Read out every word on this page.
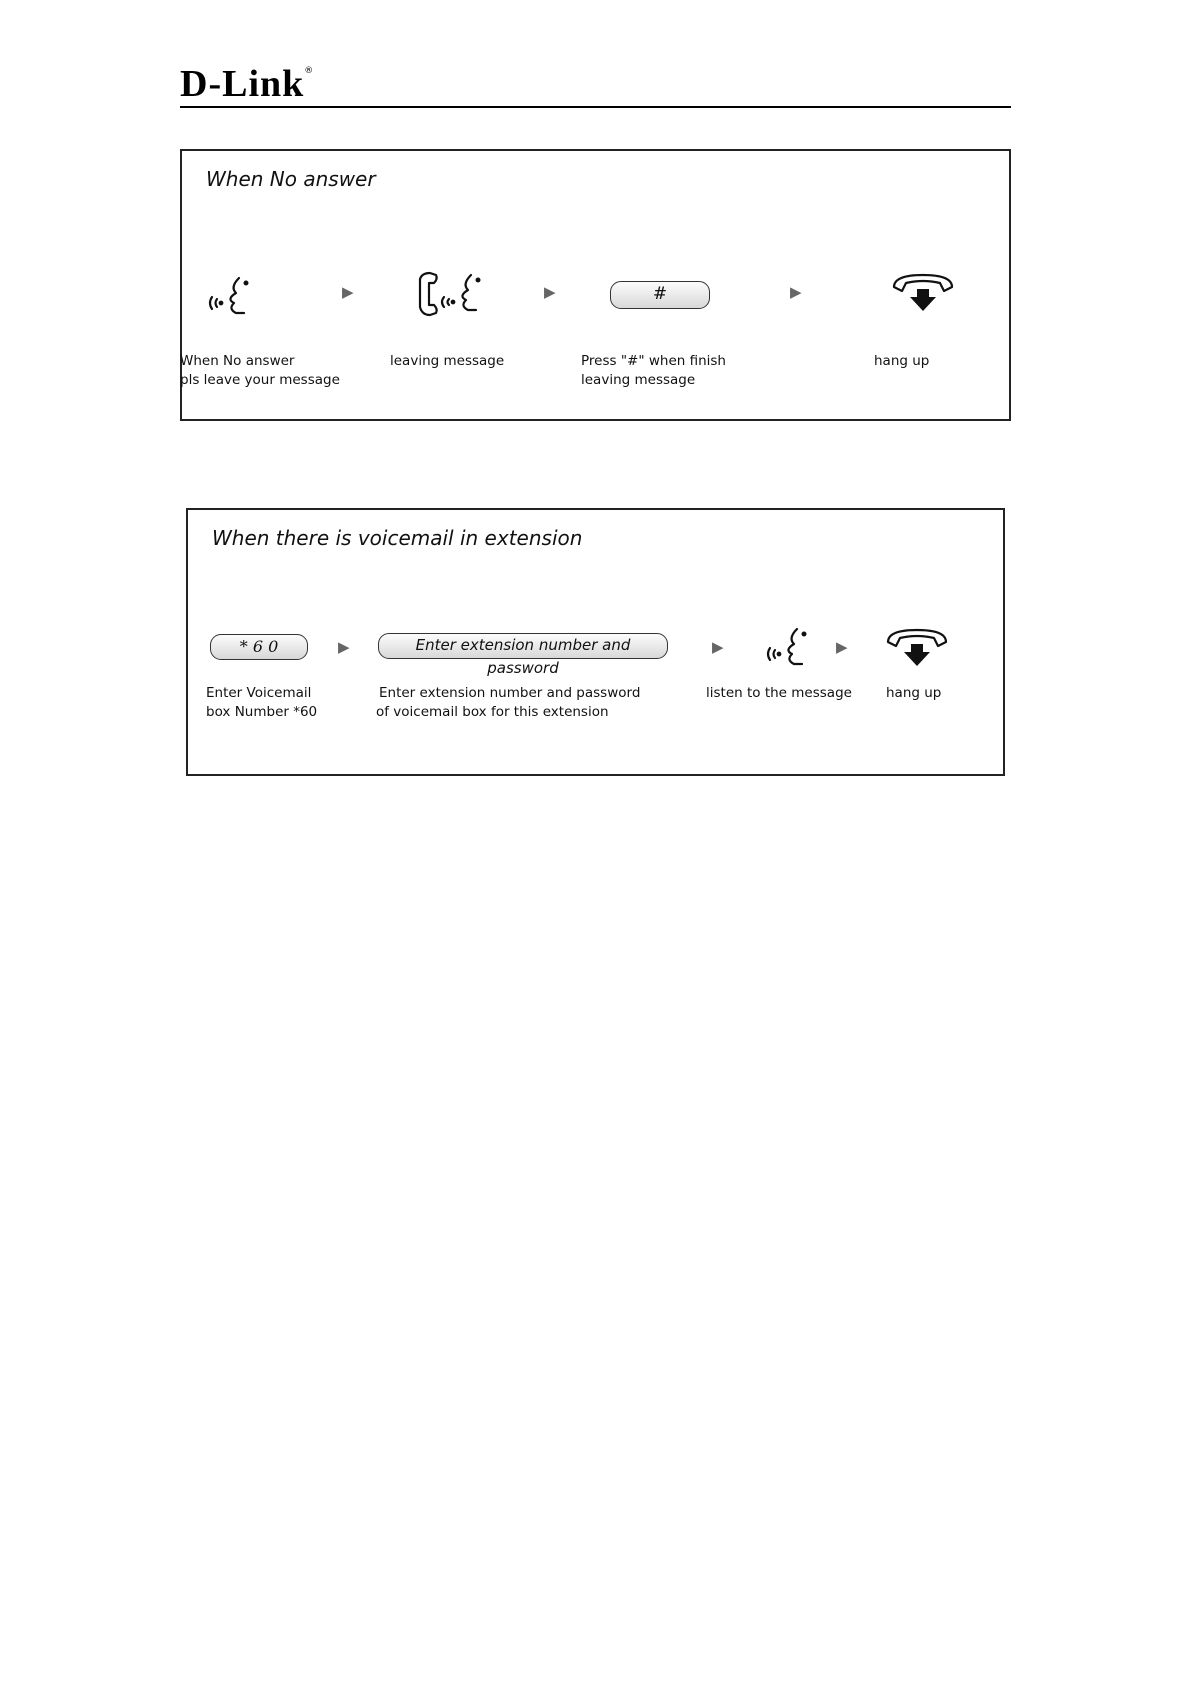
D-Link®
When No answer
▶	▶	#	▶
When No answer
pls leave your message
leaving message	Press "#" when finish
leaving message
hang up
When there is voicemail in extension
* 6 0	▶	Enter extension number and password
▶	▶
Enter Voicemail
box Number *60
Enter extension number and password
of voicemail box for this extension
listen to the message	hang up
